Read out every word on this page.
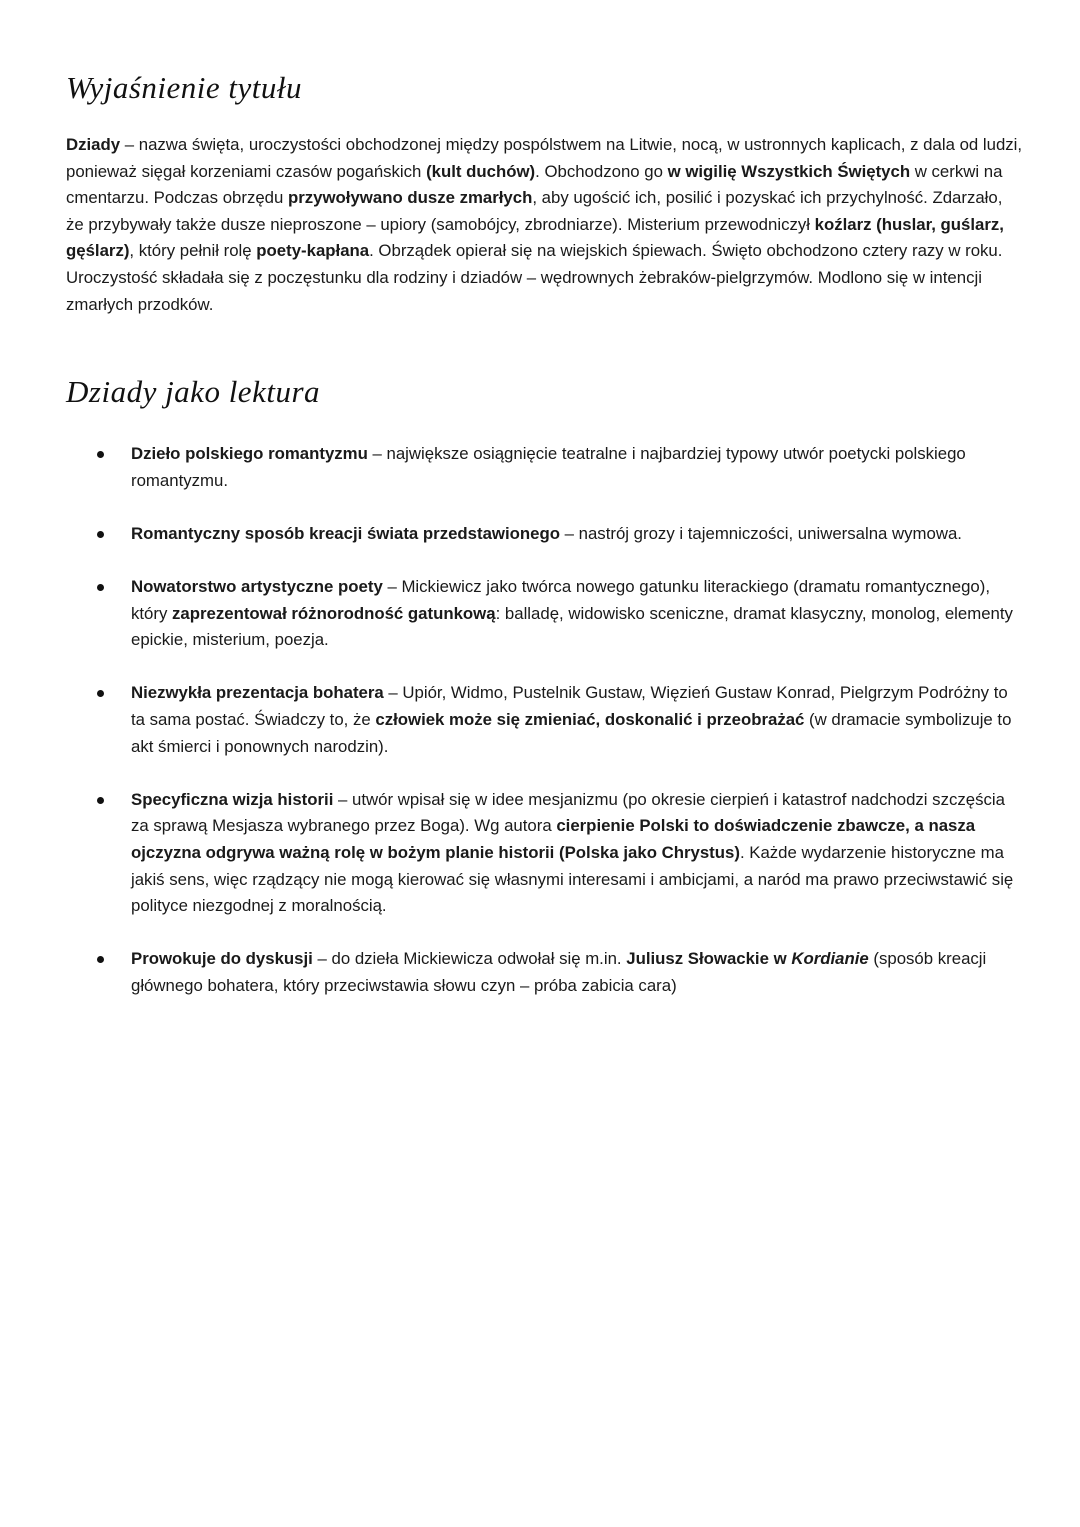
Wyjaśnienie tytułu

Dziady – nazwa święta, uroczystości obchodzonej między pospólstwem na Litwie, nocą, w ustronnych kaplicach, z dala od ludzi, ponieważ sięgał korzeniami czasów pogańskich (kult duchów). Obchodzono go w wigilię Wszystkich Świętych w cerkwi na cmentarzu. Podczas obrzędu przywoływano dusze zmarłych, aby ugościć ich, posilić i pozyskać ich przychylność. Zdarzało, że przybywały także dusze nieproszone – upiory (samobójcy, zbrodniarze). Misterium przewodniczył koźlarz (huslar, guślarz, gęślarz), który pełnił rolę poety-kapłana. Obrządek opierał się na wiejskich śpiewach. Święto obchodzono cztery razy w roku. Uroczystość składała się z poczęstunku dla rodziny i dziadów – wędrownych żebraków-pielgrzymów. Modlono się w intencji zmarłych przodków.

Dziady jako lektura
Dzieło polskiego romantyzmu – największe osiągnięcie teatralne i najbardziej typowy utwór poetycki polskiego romantyzmu.
Romantyczny sposób kreacji świata przedstawionego – nastrój grozy i tajemniczości, uniwersalna wymowa.
Nowatorstwo artystyczne poety – Mickiewicz jako twórca nowego gatunku literackiego (dramatu romantycznego), który zaprezentował różnorodność gatunkową: balladę, widowisko sceniczne, dramat klasyczny, monolog, elementy epickie, misterium, poezja.
Niezwykła prezentacja bohatera – Upiór, Widmo, Pustelnik Gustaw, Więzień Gustaw Konrad, Pielgrzym Podróżny to ta sama postać. Świadczy to, że człowiek może się zmieniać, doskonalić i przeobrażać (w dramacie symbolizuje to akt śmierci i ponownych narodzin).
Specyficzna wizja historii – utwór wpisał się w idee mesjanizmu (po okresie cierpień i katastrof nadchodzi szczęścia za sprawą Mesjasza wybranego przez Boga). Wg autora cierpienie Polski to doświadczenie zbawcze, a nasza ojczyzna odgrywa ważną rolę w bożym planie historii (Polska jako Chrystus). Każde wydarzenie historyczne ma jakiś sens, więc rządzący nie mogą kierować się własnymi interesami i ambicjami, a naród ma prawo przeciwstawić się polityce niezgodnej z moralnością.
Prowokuje do dyskusji – do dzieła Mickiewicza odwołał się m.in. Juliusz Słowackie w Kordianie (sposób kreacji głównego bohatera, który przeciwstawia słowu czyn – próba zabicia cara)
